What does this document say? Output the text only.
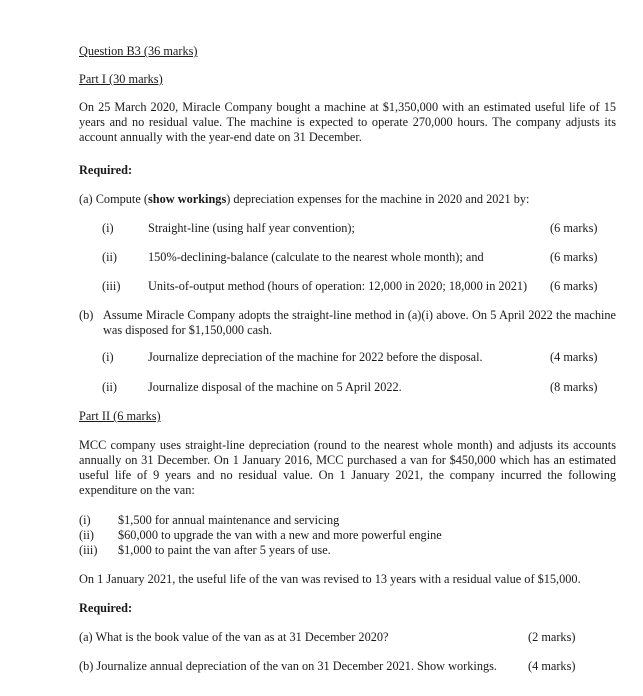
Question B3 (36 marks)
Part I (30 marks)
On 25 March 2020, Miracle Company bought a machine at $1,350,000 with an estimated useful life of 15 years and no residual value. The machine is expected to operate 270,000 hours. The company adjusts its account annually with the year-end date on 31 December.
Required:
(a) Compute (show workings) depreciation expenses for the machine in 2020 and 2021 by:
(i)	Straight-line (using half year convention);	(6 marks)
(ii)	150%-declining-balance (calculate to the nearest whole month); and	(6 marks)
(iii) Units-of-output method (hours of operation: 12,000 in 2020; 18,000 in 2021) (6 marks)
(b) Assume Miracle Company adopts the straight-line method in (a)(i) above. On 5 April 2022 the machine was disposed for $1,150,000 cash.
(i)	Journalize depreciation of the machine for 2022 before the disposal.	(4 marks)
(ii)	Journalize disposal of the machine on 5 April 2022.	(8 marks)
Part II (6 marks)
MCC company uses straight-line depreciation (round to the nearest whole month) and adjusts its accounts annually on 31 December. On 1 January 2016, MCC purchased a van for $450,000 which has an estimated useful life of 9 years and no residual value. On 1 January 2021, the company incurred the following expenditure on the van:
(i) $1,500 for annual maintenance and servicing
(ii) $60,000 to upgrade the van with a new and more powerful engine
(iii) $1,000 to paint the van after 5 years of use.
On 1 January 2021, the useful life of the van was revised to 13 years with a residual value of $15,000.
Required:
(a) What is the book value of the van as at 31 December 2020?	(2 marks)
(b) Journalize annual depreciation of the van on 31 December 2021. Show workings.	(4 marks)
